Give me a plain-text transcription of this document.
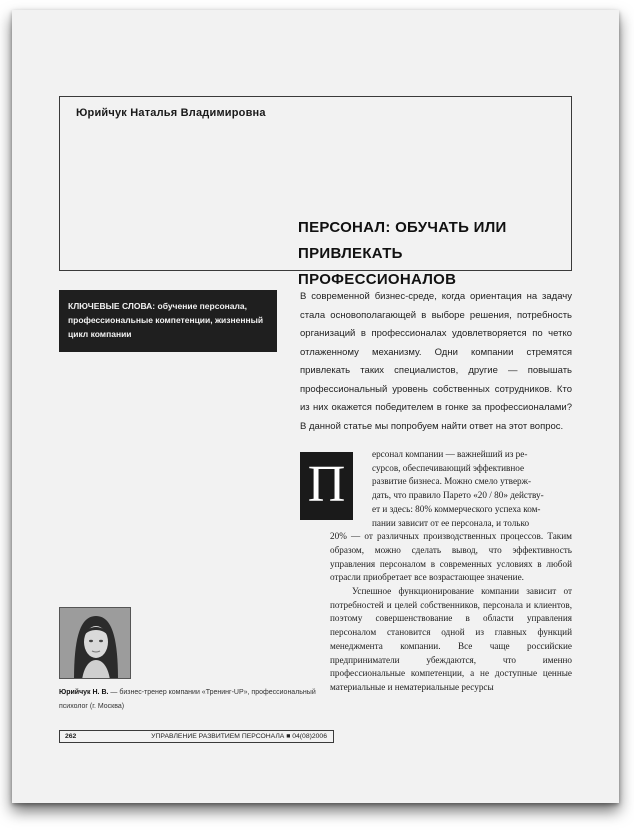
Юрийчук Наталья Владимировна
ПЕРСОНАЛ: ОБУЧАТЬ ИЛИ ПРИВЛЕКАТЬ
ПРОФЕССИОНАЛОВ
КЛЮЧЕВЫЕ СЛОВА: обучение персонала, профессиональные компетенции, жизненный цикл компании
В современной бизнес-среде, когда ориентация на задачу стала основополагающей в выборе решения, потребность организаций в профессионалах удовлетворяется по четко отлаженному механизму. Одни компании стремятся привлекать таких специалистов, другие — повышать профессиональный уровень собственных сотрудников. Кто из них окажется победителем в гонке за профессионалами? В данной статье мы попробуем найти ответ на этот вопрос.
П
ерсонал компании — важнейший из ре-
сурсов, обеспечивающий эффективное
развитие бизнеса. Можно смело утверж-
дать, что правило Парето «20 / 80» действу-
ет и здесь: 80% коммерческого успеха ком-
пании зависит от ее персонала, и только
20% — от различных производственных процессов. Таким образом, можно сделать вывод, что эффективность управления персоналом в современных условиях в любой отрасли приобретает все возрастающее значение.
Успешное функционирование компании зависит от потребностей и целей собственников, персонала и клиентов, поэтому совершенствование в области управления персоналом становится одной из главных функций менеджмента компании. Все чаще российские предприниматели убеждаются, что именно профессиональные компетенции, а не доступные ценные материальные и нематериальные ресурсы
Юрийчук Н. В. — бизнес-тренер компании «Тренинг-UP», профессиональный психолог (г. Москва)
262	УПРАВЛЕНИЕ РАЗВИТИЕМ ПЕРСОНАЛА ■ 04(08)2006
